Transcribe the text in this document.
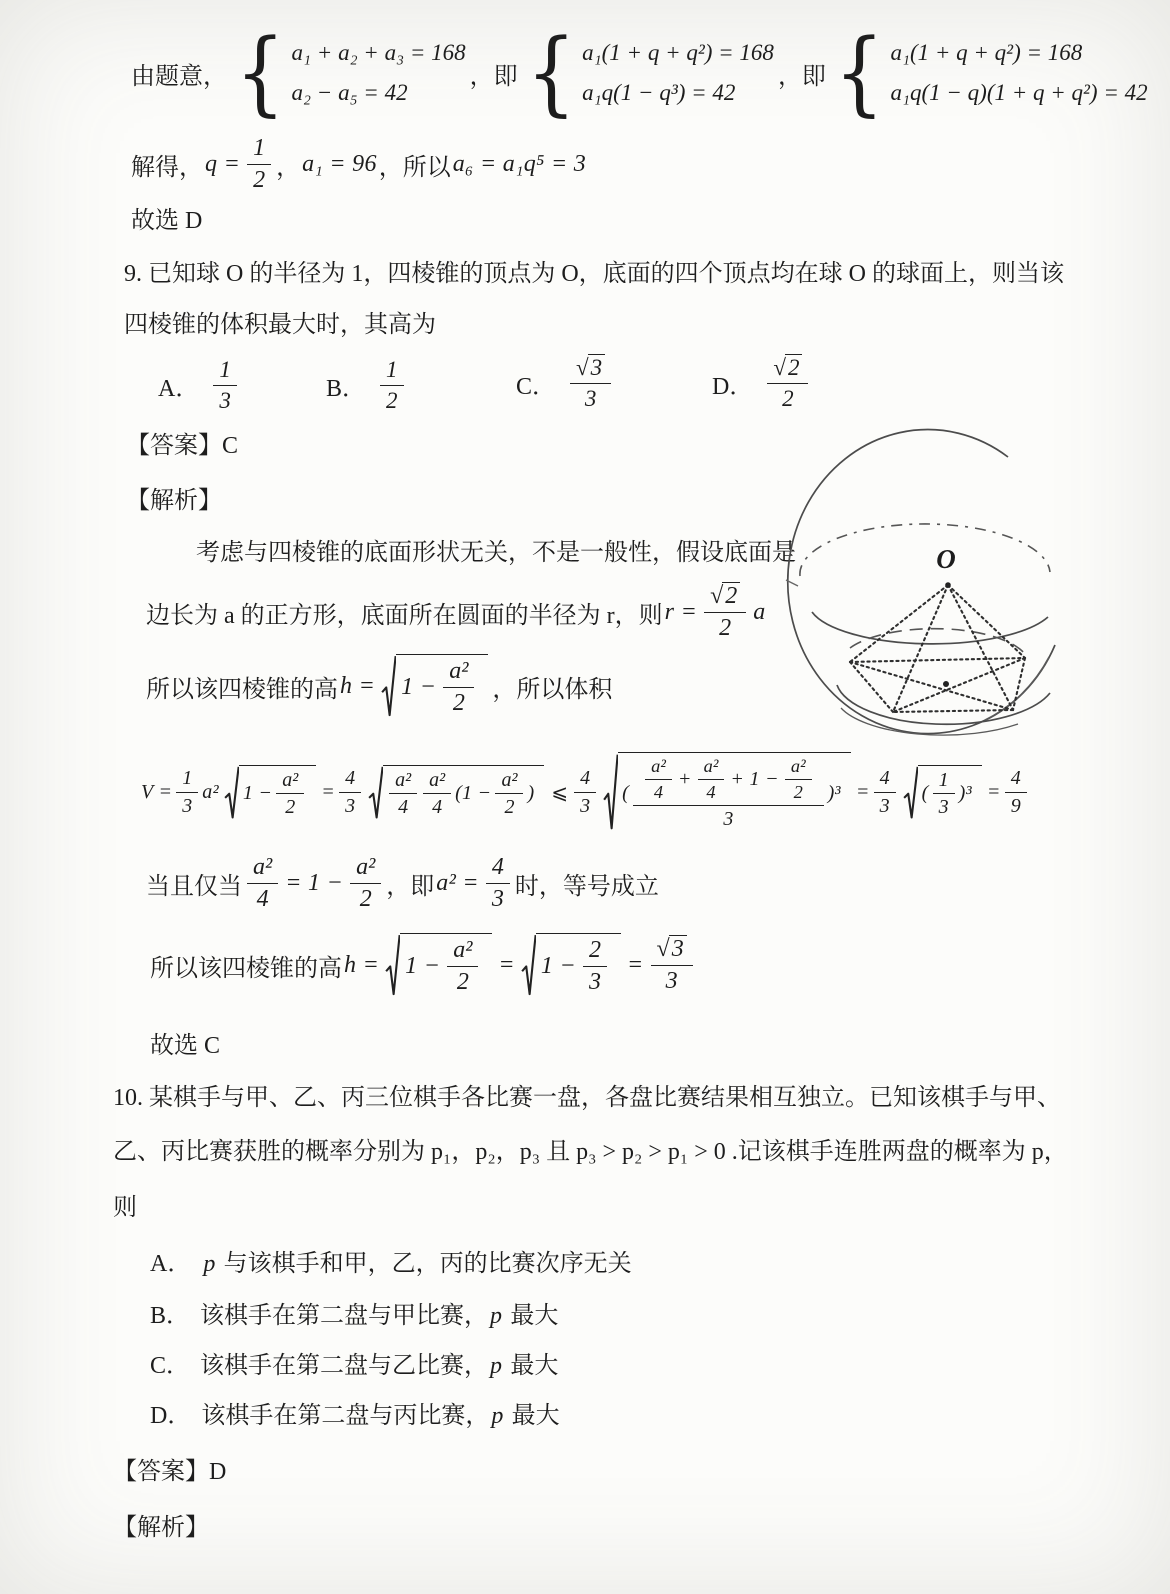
由题意， { a₁ + a₂ + a₃ = 168
a₂ − a₅ = 42
，即 { a₁(1 + q + q²) = 168
a₁q(1 − q³) = 42
，即 { a₁(1 + q + q²) = 168
a₁q(1 − q)(1 + q + q²) = 42
解得， $q = \frac{1}{2}$ ， a₁ = 96 ，所以 a₆ = a₁q⁵ = 3
故选 D
9. 已知球 O 的半径为 1，四棱锥的顶点为 O，底面的四个顶点均在球 O 的球面上，则当该
四棱锥的体积最大时，其高为
A． $\frac{1}{3}$	B． $\frac{1}{2}$	C． $\frac{√ 3}{3}$	D． $\frac{√ 2}{2}$
【答案】C
【解析】
考虑与四棱锥的底面形状无关，不是一般性，假设底面是
边长为 a 的正方形，底面所在圆面的半径为 r，则 $r = \frac{√ 2}{2}$ a
所以该四棱锥的高 $h = 1 - \frac{\text{a²}}{2}$ ，所以体积
$V = \frac{1}{3} a^2$ $1 - \frac{\text{a²}}{2} = \frac{4}{3} \frac{\text{a²}}{4} \frac{\text{a²}}{4} (1 - \frac{\text{a²}}{2}$ ) ⩽ $\frac{4}{3}$ ( $\frac{\text{a²}}{4} + \frac{\text{a²}}{4} + 1 - \frac{\text{a²}}{2}$
3
)$^3 = \frac{4}{3}$ ( $\frac{1}{3} )^3 = \frac{4}{9}$
当且仅当 $\frac{\text{a²}}{4} = 1 - \frac{\text{a²}}{2}$ ，即 $a^2 = \frac{4}{3}$ 时，等号成立
所以该四棱锥的高 $h = 1 - \frac{\text{a²}}{2} = 1 - \frac{2}{3} = \frac{√ 3}{3}$
故选 C
10. 某棋手与甲、乙、丙三位棋手各比赛一盘，各盘比赛结果相互独立。已知该棋手与甲、
乙、丙比赛获胜的概率分别为 p₁，p₂，p₃ 且 p₃ > p₂ > p₁ > 0 .记该棋手连胜两盘的概率为 p，
则
A． p 与该棋手和甲，乙，丙的比赛次序无关
B． 该棋手在第二盘与甲比赛，p 最大
C． 该棋手在第二盘与乙比赛，p 最大
D． 该棋手在第二盘与丙比赛，p 最大
【答案】D
【解析】
O
